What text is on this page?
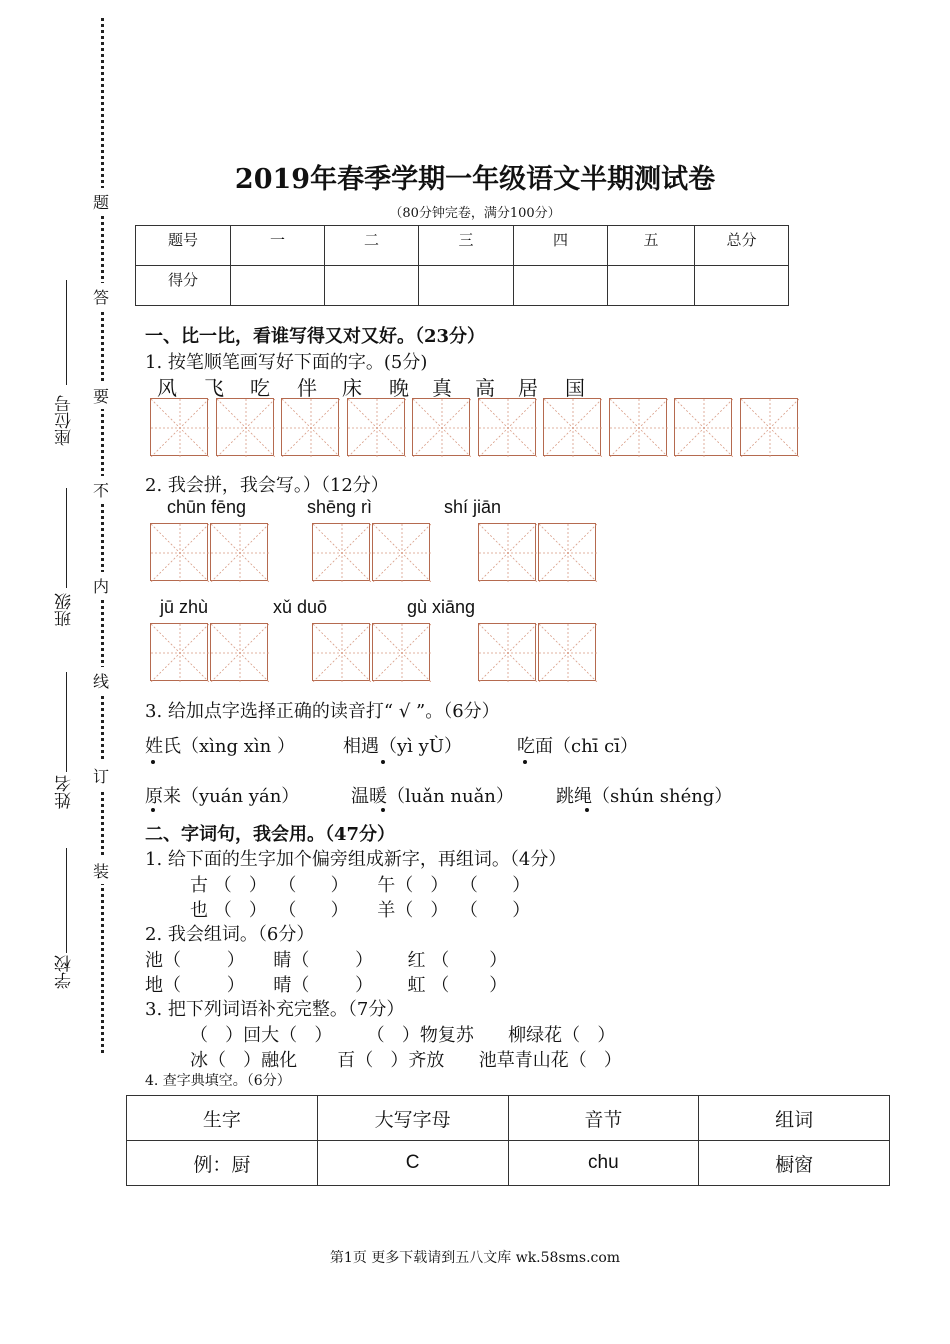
座位号
班级
姓名
学校
题
答
要
不
内
线
订
装
2019年春季学期一年级语文半期测试卷
（80分钟完卷，满分100分）
题号	一	二	三	四	五	总分
得分						
一、比一比，看谁写得又对又好。（23分）
1. 按笔顺笔画写好下面的字。(5分)
2. 我会拼，我会写。）（12分）
chūn fēng	shēng rì	shí jiān
jū zhù	xǔ duō	gù xiāng
3. 给加点字选择正确的读音打“ √ ”。（6分）
姓氏（xìng xìn ）	相遇（yì yÙ）	吃面（chī cī）
原来（yuán yán）	温暖（luǎn nuǎn） 跳绳（shún shéng）
二、字词句，我会用。（47分）
1. 给下面的生字加个偏旁组成新字，再组词。（4分）
古 （   ）  （      ）     午（   ）  （      ）
也 （   ）  （      ）     羊（   ）  （      ）
2. 我会组词。（6分）
池（        ）     睛（        ）      红 （       ）
地（        ）     晴（        ）      虹 （       ）
3. 把下列词语补充完整。（7分）
（   ）回大（   ）      （   ）物复苏      柳绿花（   ）
冰（   ）融化       百（   ）齐放      池草青山花（   ）
4. 查字典填空。（6分）
生字	大写字母	音节	组词
例：厨	C	chu	橱窗
第1页 更多下载请到五八文库 wk.58sms.com
风 飞 吃 伴 床 晚 真 高 居 国
